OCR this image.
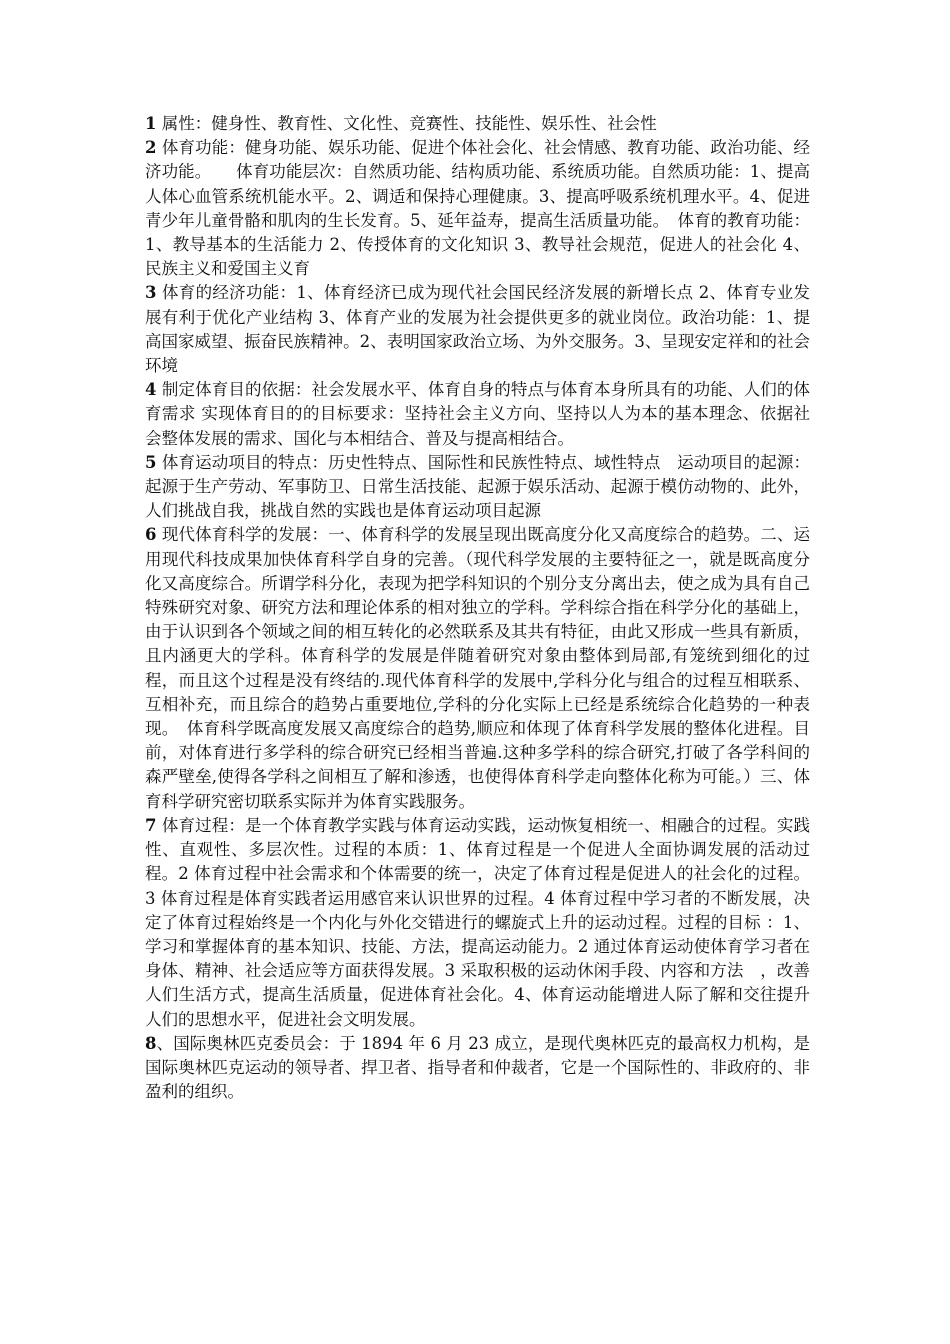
1 属性：健身性、教育性、文化性、竞赛性、技能性、娱乐性、社会性

2 体育功能：健身功能、娱乐功能、促进个体社会化、社会情感、教育功能、政治功能、经济功能。　　体育功能层次：自然质功能、结构质功能、系统质功能。自然质功能：1、提高人体心血管系统机能水平。2、调适和保持心理健康。3、提高呼吸系统机理水平。4、促进青少年儿童骨骼和肌肉的生长发育。5、延年益寿，提高生活质量功能。　体育的教育功能：1、教导基本的生活能力 2、传授体育的文化知识 3、教导社会规范，促进人的社会化 4、民族主义和爱国主义育

3 体育的经济功能：1、体育经济已成为现代社会国民经济发展的新增长点 2、体育专业发展有利于优化产业结构 3、体育产业的发展为社会提供更多的就业岗位。政治功能：1、提高国家威望、振奋民族精神。2、表明国家政治立场、为外交服务。3、呈现安定祥和的社会环境

4 制定体育目的依据：社会发展水平、体育自身的特点与体育本身所具有的功能、人们的体育需求 实现体育目的的目标要求：坚持社会主义方向、坚持以人为本的基本理念、依据社会整体发展的需求、国化与本相结合、普及与提高相结合。

5 体育运动项目的特点：历史性特点、国际性和民族性特点、域性特点　运动项目的起源：起源于生产劳动、军事防卫、日常生活技能、起源于娱乐活动、起源于模仿动物的、此外，人们挑战自我，挑战自然的实践也是体育运动项目起源

6 现代体育科学的发展：一、体育科学的发展呈现出既高度分化又高度综合的趋势。二、运用现代科技成果加快体育科学自身的完善。（现代科学发展的主要特征之一，就是既高度分化又高度综合。所谓学科分化，表现为把学科知识的个别分支分离出去，使之成为具有自己特殊研究对象、研究方法和理论体系的相对独立的学科。学科综合指在科学分化的基础上，由于认识到各个领域之间的相互转化的必然联系及其共有特征，由此又形成一些具有新质，且内涵更大的学科。体育科学的发展是伴随着研究对象由整体到局部,有笼统到细化的过程，而且这个过程是没有终结的.现代体育科学的发展中,学科分化与组合的过程互相联系、互相补充，而且综合的趋势占重要地位,学科的分化实际上已经是系统综合化趋势的一种表现。　体育科学既高度发展又高度综合的趋势,顺应和体现了体育科学发展的整体化进程。目前，对体育进行多学科的综合研究已经相当普遍.这种多学科的综合研究,打破了各学科间的森严壁垒,使得各学科之间相互了解和渗透，也使得体育科学走向整体化称为可能。）三、体育科学研究密切联系实际并为体育实践服务。

7 体育过程：是一个体育教学实践与体育运动实践，运动恢复相统一、相融合的过程。实践性、直观性、多层次性。过程的本质：1、体育过程是一个促进人全面协调发展的活动过程。2 体育过程中社会需求和个体需要的统一，决定了体育过程是促进人的社会化的过程。3 体育过程是体育实践者运用感官来认识世界的过程。4 体育过程中学习者的不断发展，决定了体育过程始终是一个内化与外化交错进行的螺旋式上升的运动过程。过程的目标 ：1、学习和掌握体育的基本知识、技能、方法，提高运动能力。2 通过体育运动使体育学习者在身体、精神、社会适应等方面获得发展。3 采取积极的运动休闲手段、内容和方法　，改善人们生活方式，提高生活质量，促进体育社会化。4、体育运动能增进人际了解和交往提升人们的思想水平，促进社会文明发展。

8、国际奥林匹克委员会：于 1894 年 6 月 23 成立，是现代奥林匹克的最高权力机构，是国际奥林匹克运动的领导者、捍卫者、指导者和仲裁者，它是一个国际性的、非政府的、非盈利的组织。
